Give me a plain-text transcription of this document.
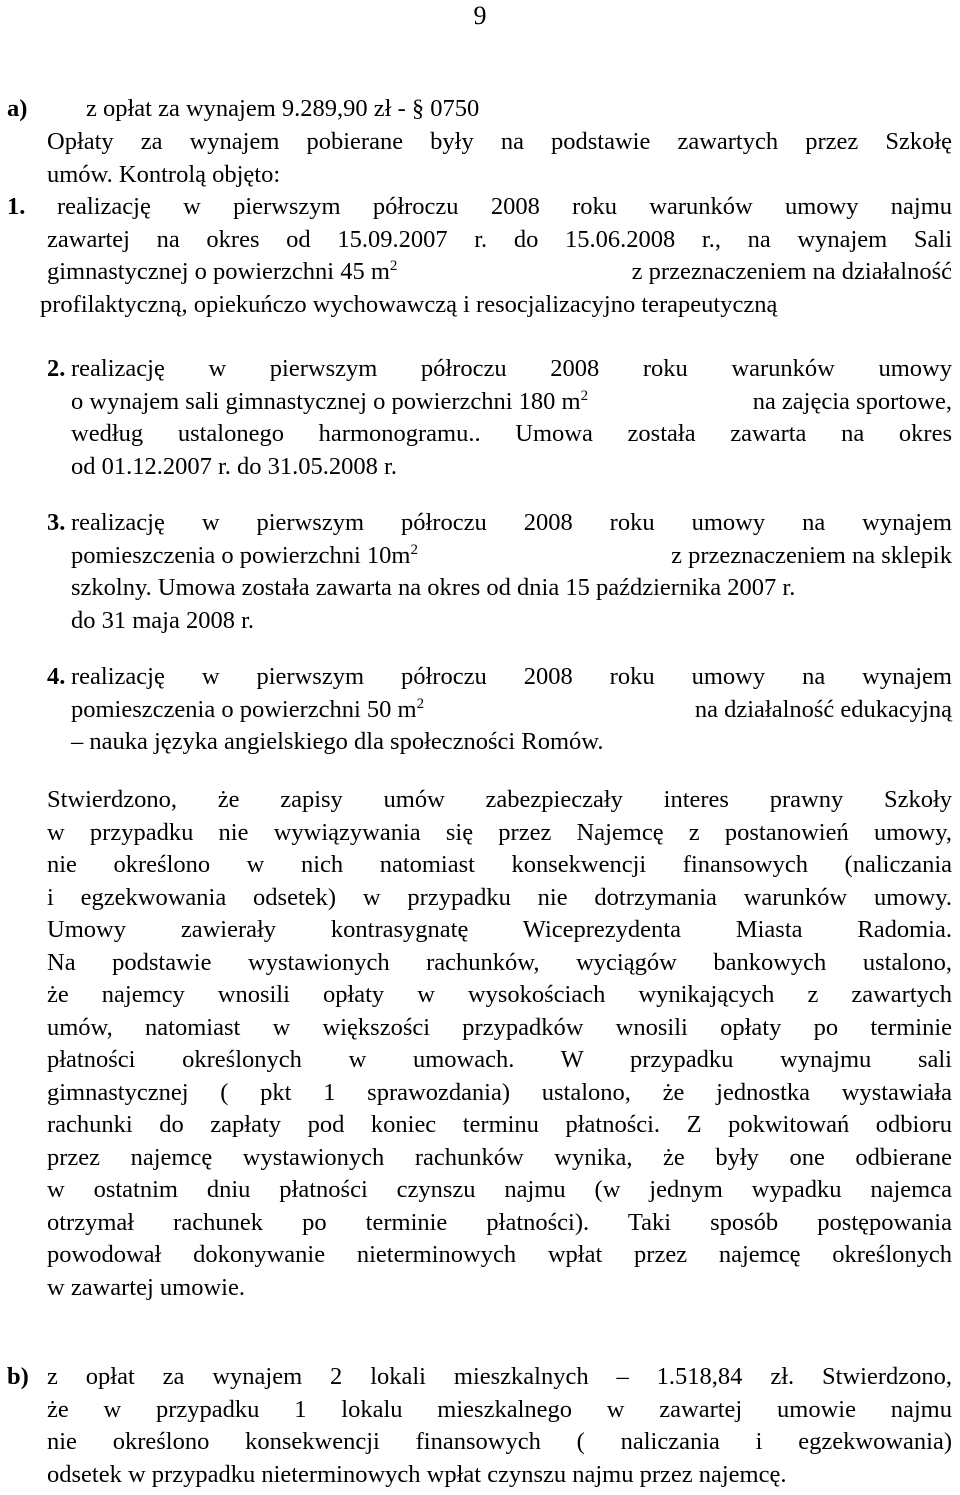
9
a) z opłat za wynajem 9.289,90 zł - § 0750
Opłaty za wynajem pobierane były na podstawie zawartych przez Szkołę
umów. Kontrolą objęto:
1.	realizację w pierwszym półroczu 2008 roku warunków umowy najmu
zawartej na okres od 15.09.2007 r. do 15.06.2008 r., na wynajem Sali
gimnastycznej o powierzchni 45 $m^2$	z przeznaczeniem na działalność
profilaktyczną, opiekuńczo wychowawczą i resocjalizacyjno terapeutyczną
2. realizację w pierwszym półroczu 2008 roku warunków umowy
o wynajem sali gimnastycznej o powierzchni 180 $m^2$	na zajęcia sportowe,
według ustalonego harmonogramu.. Umowa została zawarta na okres
od 01.12.2007 r. do 31.05.2008 r.
3. realizację w pierwszym półroczu 2008 roku umowy na wynajem
pomieszczenia o powierzchni $10m^2$	z przeznaczeniem na sklepik
szkolny. Umowa została zawarta na okres od dnia 15 października 2007 r.
do 31 maja 2008 r.
4. realizację w pierwszym półroczu 2008 roku umowy na wynajem
pomieszczenia o powierzchni 50 $m^2$	na działalność edukacyjną
– nauka języka angielskiego dla społeczności Romów.
Stwierdzono, że zapisy umów zabezpieczały interes prawny Szkoły
w przypadku nie wywiązywania się przez Najemcę z postanowień umowy,
nie określono w nich natomiast konsekwencji finansowych (naliczania
i egzekwowania odsetek) w przypadku nie dotrzymania warunków umowy.
Umowy zawierały kontrasygnatę Wiceprezydenta Miasta Radomia.
Na podstawie wystawionych rachunków, wyciągów bankowych ustalono,
że najemcy wnosili opłaty w wysokościach wynikających z zawartych
umów, natomiast w większości przypadków wnosili opłaty po terminie
płatności określonych w umowach. W przypadku wynajmu sali
gimnastycznej ( pkt 1 sprawozdania) ustalono, że jednostka wystawiała
rachunki do zapłaty pod koniec terminu płatności. Z pokwitowań odbioru
przez najemcę wystawionych rachunków wynika, że były one odbierane
w ostatnim dniu płatności czynszu najmu (w jednym wypadku najemca
otrzymał rachunek po terminie płatności). Taki sposób postępowania
powodował dokonywanie nieterminowych wpłat przez najemcę określonych
w zawartej umowie.
b) z opłat za wynajem 2 lokali mieszkalnych – 1.518,84 zł. Stwierdzono,
że w przypadku 1 lokalu mieszkalnego w zawartej umowie najmu
nie określono konsekwencji finansowych ( naliczania i egzekwowania)
odsetek w przypadku nieterminowych wpłat czynszu najmu przez najemcę.
